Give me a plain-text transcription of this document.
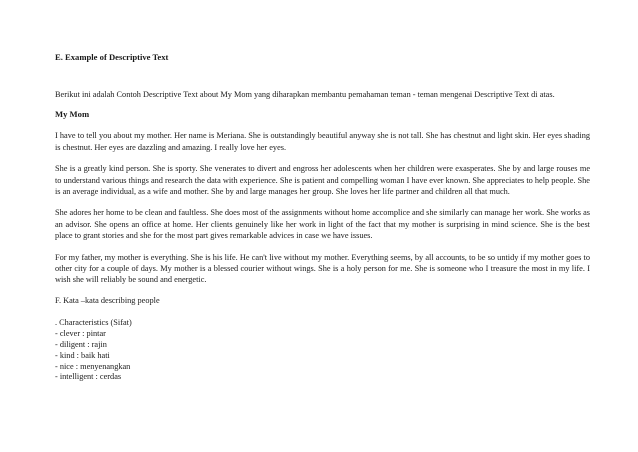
E. Example of Descriptive Text

Berikut ini adalah Contoh Descriptive Text about My Mom yang diharapkan membantu pemahaman teman - teman mengenai Descriptive Text di atas.

My Mom

I have to tell you about my mother. Her name is Meriana. She is outstandingly beautiful anyway she is not tall. She has chestnut and light skin. Her eyes shading is chestnut. Her eyes are dazzling and amazing. I really love her eyes.

She is a greatly kind person. She is sporty. She venerates to divert and engross her adolescents when her children were exasperates. She by and large rouses me to understand various things and research the data with experience. She is patient and compelling woman I have ever known. She appreciates to help people. She is an average individual, as a wife and mother. She by and large manages her group. She loves her life partner and children all that much.

She adores her home to be clean and faultless. She does most of the assignments without home accomplice and she similarly can manage her work. She works as an advisor. She opens an office at home. Her clients genuinely like her work in light of the fact that my mother is surprising in mind science. She is the best place to grant stories and she for the most part gives remarkable advices in case we have issues.

For my father, my mother is everything. She is his life. He can't live without my mother. Everything seems, by all accounts, to be so untidy if my mother goes to other city for a couple of days. My mother is a blessed courier without wings. She is a holy person for me. She is someone who I treasure the most in my life. I wish she will reliably be sound and energetic.

F. Kata –kata describing people
. Characteristics (Sifat)
- clever : pintar
- diligent : rajin
- kind : baik hati
- nice : menyenangkan
- intelligent : cerdas
